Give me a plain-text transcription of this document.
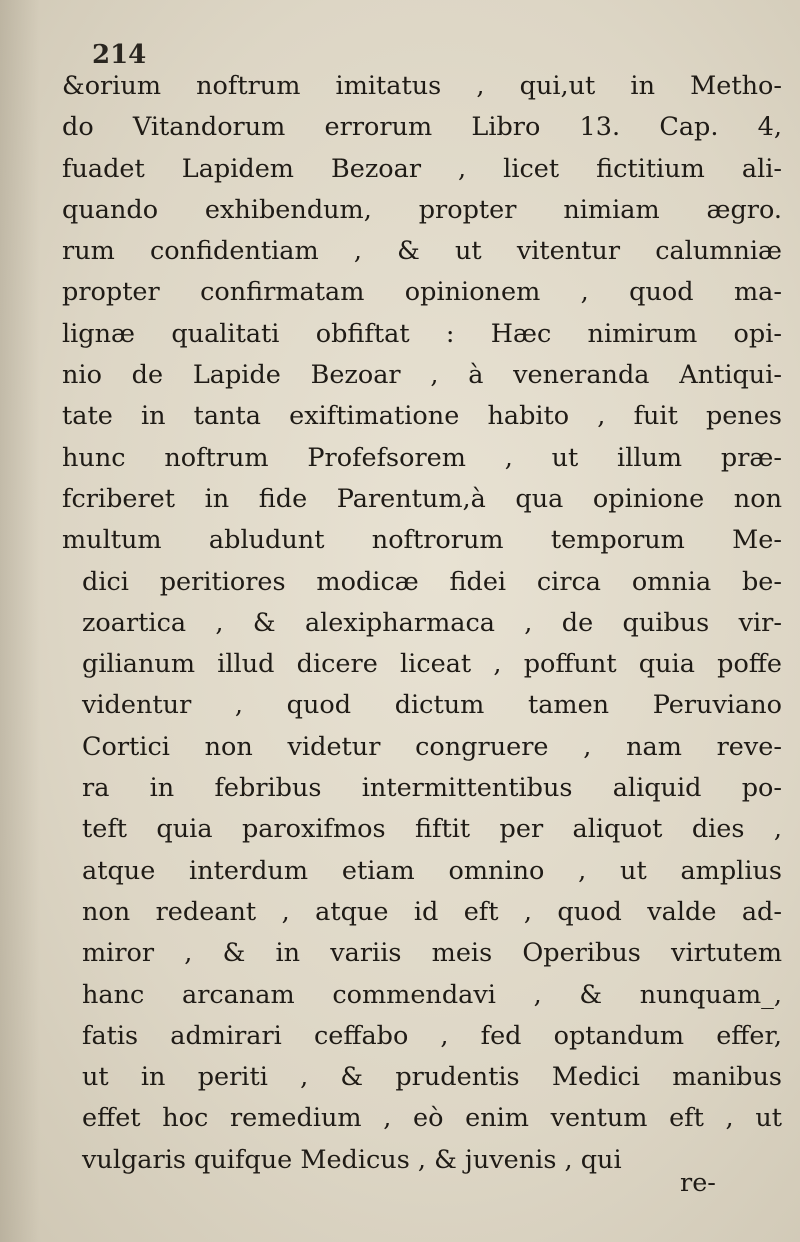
214

&orium noftrum imitatus , qui,ut in Metho-
do Vitandorum errorum Libro 13. Cap. 4,
fuadet Lapidem Bezoar , licet fictitium ali-
quando exhibendum, propter nimiam ægro.
rum confidentiam , & ut vitentur calumniæ
propter confirmatam opinionem , quod ma-
lignæ qualitati obfiftat : Hæc nimirum opi-
nio de Lapide Bezoar , à veneranda Antiqui-
tate in tanta exiftimatione habito , fuit penes
hunc noftrum Profefsorem , ut illum præ-
fcriberet in fide Parentum,à qua opinione non
multum abludunt noftrorum temporum Me-
dici peritiores modicæ fidei circa omnia be-
zoartica , & alexipharmaca , de quibus vir-
gilianum illud dicere liceat , poffunt quia poffe
videntur , quod dictum tamen Peruviano
Cortici non videtur congruere , nam reve-
ra in febribus intermittentibus aliquid po-
teft quia paroxifmos fiftit per aliquot dies ,
atque interdum etiam omnino , ut amplius
non redeant , atque id eft , quod valde ad-
miror , & in variis meis Operibus virtutem
hanc arcanam commendavi , & nunquam_,
fatis admirari ceffabo , fed optandum effer,
ut in periti , & prudentis Medici manibus
effet hoc remedium , eò enim ventum eft , ut
vulgaris quifque Medicus , & juvenis , qui

re-
